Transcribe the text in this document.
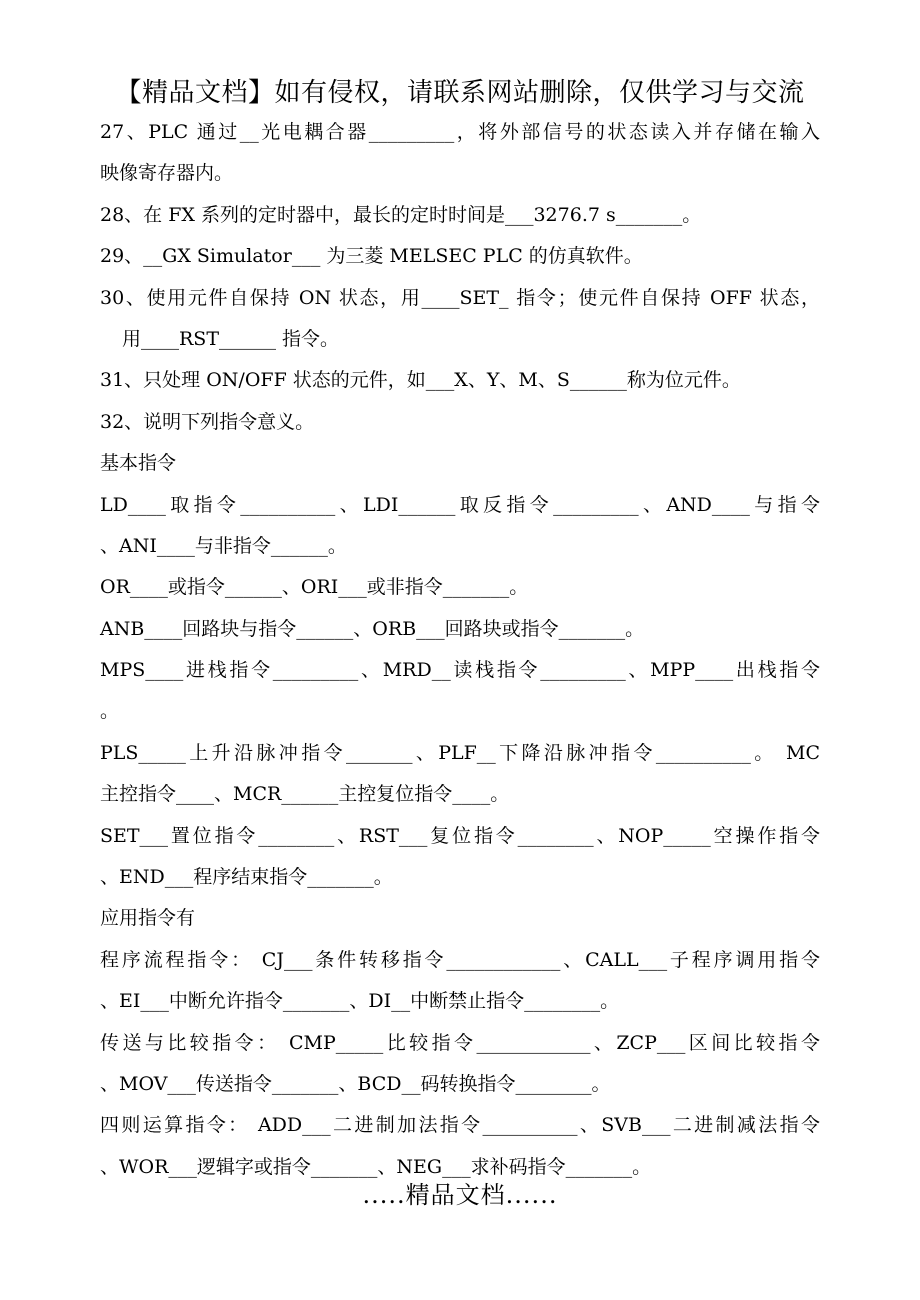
【精品文档】如有侵权，请联系网站删除，仅供学习与交流
27、PLC 通过__光电耦合器_________，将外部信号的状态读入并存储在输入
映像寄存器内。
28、在 FX 系列的定时器中，最长的定时时间是___3276.7 s_______。
29、__GX Simulator___ 为三菱 MELSEC PLC 的仿真软件。
30、使用元件自保持 ON 状态，用____SET_ 指令；使元件自保持 OFF 状态，
用____RST______ 指令。
31、只处理 ON/OFF 状态的元件，如___X、Y、M、S______称为位元件。
32、说明下列指令意义。
基本指令
LD____取指令__________、LDI______取反指令_________、AND____与指令
、ANI____与非指令______。
OR____或指令______、ORI___或非指令_______。
ANB____回路块与指令______、ORB___回路块或指令_______。
MPS____进栈指令_________、MRD__读栈指令_________、MPP____出栈指令
。
PLS_____上升沿脉冲指令_______、PLF__下降沿脉冲指令__________。 MC
主控指令____、MCR______主控复位指令____。
SET___置位指令________、RST___复位指令________、NOP_____空操作指令
、END___程序结束指令_______。
应用指令有
程序流程指令： CJ___条件转移指令____________、CALL___子程序调用指令
、EI___中断允许指令_______、DI__中断禁止指令________。
传送与比较指令： CMP_____比较指令____________、ZCP___区间比较指令
、MOV___传送指令_______、BCD__码转换指令________。
四则运算指令： ADD___二进制加法指令__________、SVB___二进制减法指令
、WOR___逻辑字或指令_______、NEG___求补码指令_______。
.....精品文档......
